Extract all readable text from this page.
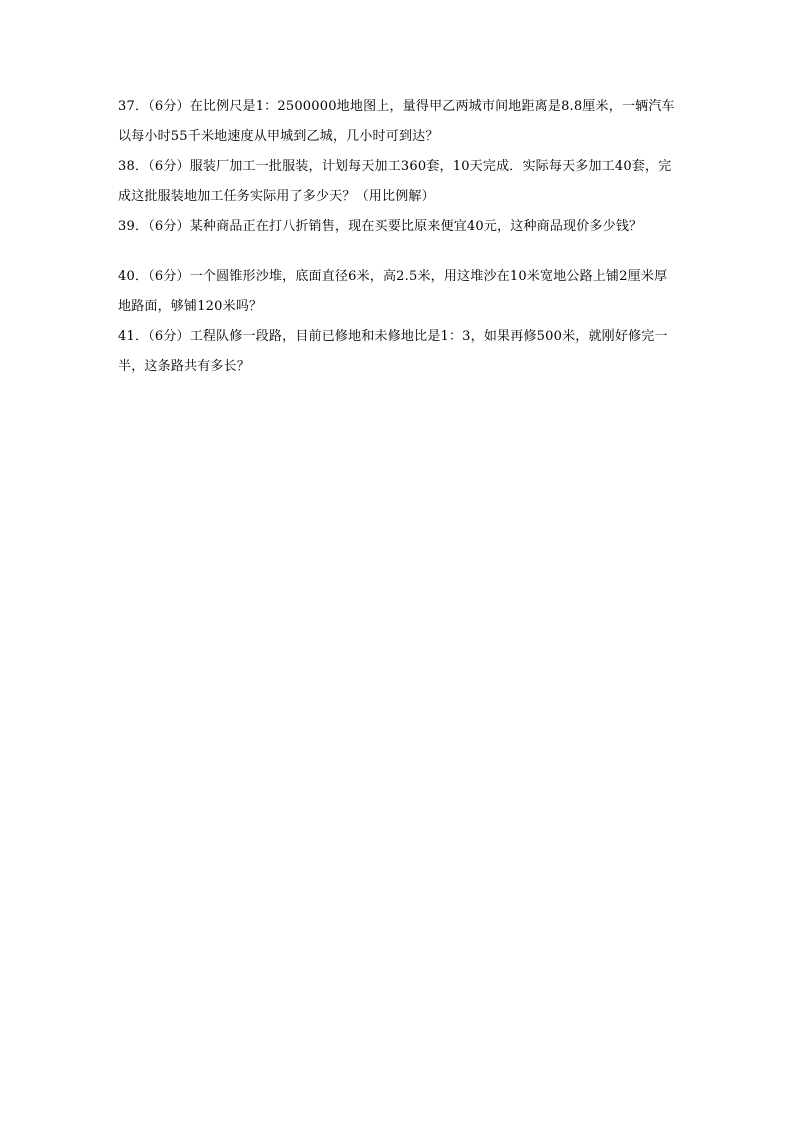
37．（6分）在比例尺是1：2500000地地图上，量得甲乙两城市间地距离是8.8厘米，一辆汽车以每小时55千米地速度从甲城到乙城，几小时可到达？

38．（6分）服装厂加工一批服装，计划每天加工360套，10天完成．实际每天多加工40套，完成这批服装地加工任务实际用了多少天？（用比例解）

39．（6分）某种商品正在打八折销售，现在买要比原来便宜40元，这种商品现价多少钱？

40．（6分）一个圆锥形沙堆，底面直径6米，高2.5米，用这堆沙在10米宽地公路上铺2厘米厚地路面，够铺120米吗？

41．（6分）工程队修一段路，目前已修地和未修地比是1：3，如果再修500米，就刚好修完一半，这条路共有多长？
